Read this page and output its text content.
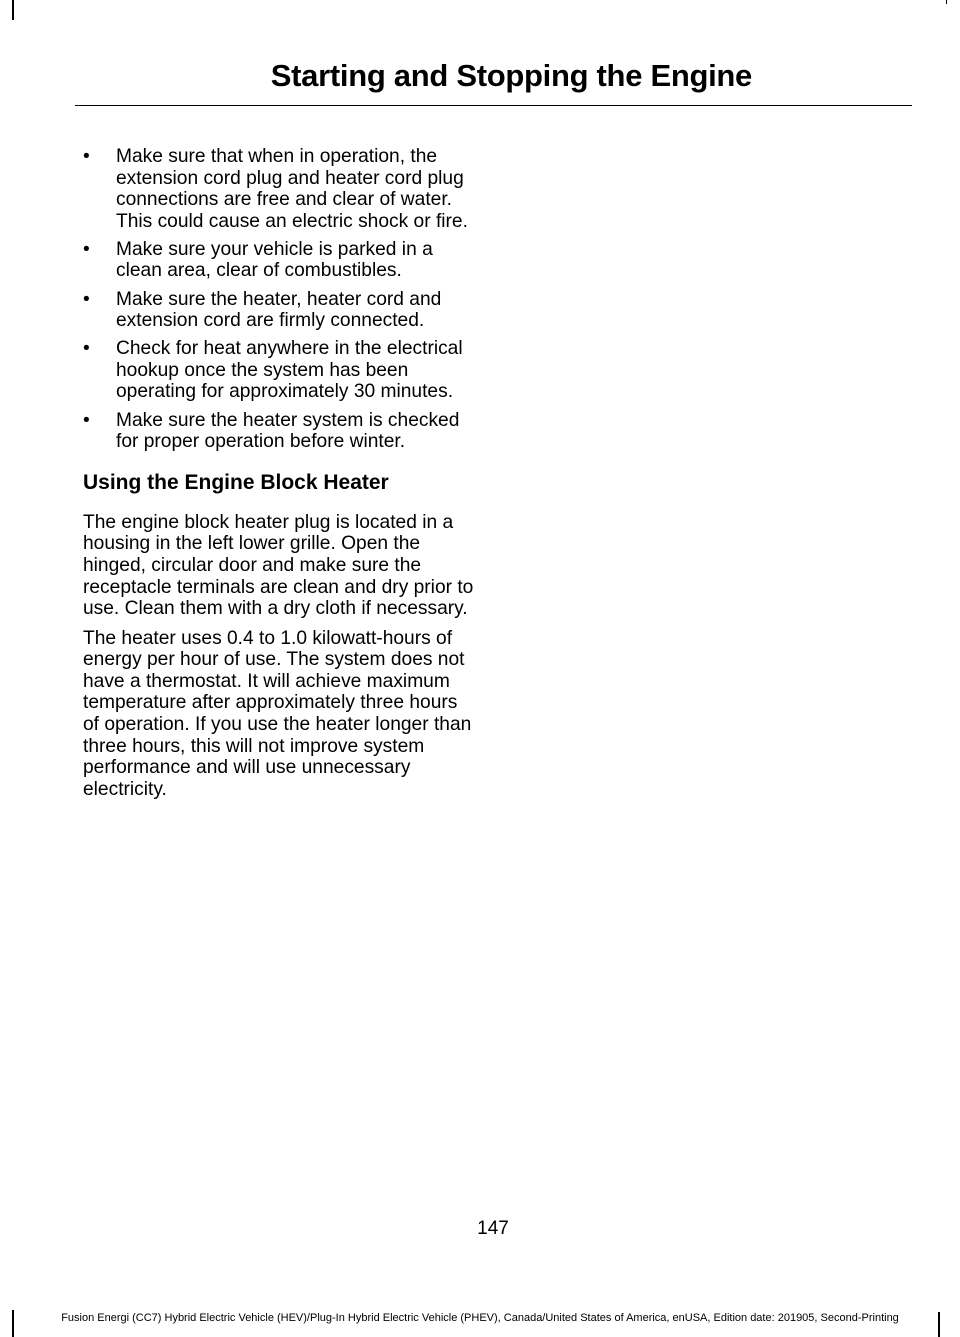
Starting and Stopping the Engine
•	Make sure that when in operation, the extension cord plug and heater cord plug connections are free and clear of water. This could cause an electric shock or fire.
•	Make sure your vehicle is parked in a clean area, clear of combustibles.
•	Make sure the heater, heater cord and extension cord are firmly connected.
•	Check for heat anywhere in the electrical hookup once the system has been operating for approximately 30 minutes.
•	Make sure the heater system is checked for proper operation before winter.
Using the Engine Block Heater

The engine block heater plug is located in a housing in the left lower grille. Open the hinged, circular door and make sure the receptacle terminals are clean and dry prior to use. Clean them with a dry cloth if necessary.

The heater uses 0.4 to 1.0 kilowatt-hours of energy per hour of use. The system does not have a thermostat. It will achieve maximum temperature after approximately three hours of operation. If you use the heater longer than three hours, this will not improve system performance and will use unnecessary electricity.

147
Fusion Energi (CC7) Hybrid Electric Vehicle (HEV)/Plug-In Hybrid Electric Vehicle (PHEV), Canada/United States of America, enUSA, Edition date: 201905, Second-Printing
